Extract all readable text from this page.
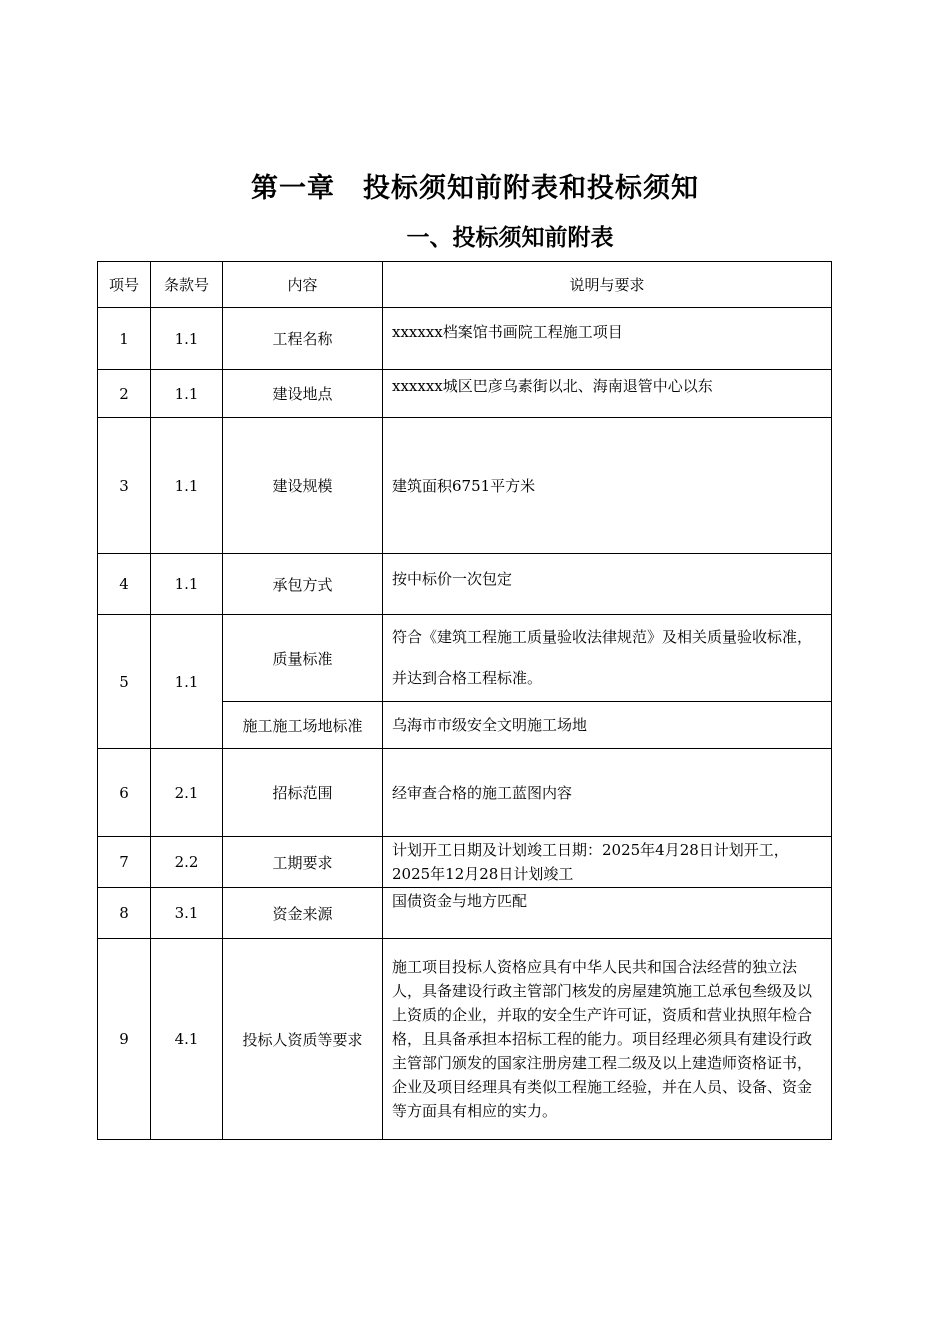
第一章　投标须知前附表和投标须知
一、投标须知前附表
项号	条款号	内容	说明与要求
1	1.1	工程名称	xxxxxx档案馆书画院工程施工项目
2	1.1	建设地点	xxxxxx城区巴彦乌素街以北、海南退管中心以东
3	1.1	建设规模	建筑面积6751平方米
4	1.1	承包方式	按中标价一次包定
5	1.1	质量标准	符合《建筑工程施工质量验收法律规范》及相关质量验收标准，并达到合格工程标准。
		施工施工场地标准	乌海市市级安全文明施工场地
6	2.1	招标范围	经审查合格的施工蓝图内容
7	2.2	工期要求	计划开工日期及计划竣工日期：2025年4月28日计划开工，2025年12月28日计划竣工
8	3.1	资金来源	国债资金与地方匹配
9	4.1	投标人资质等要求	施工项目投标人资格应具有中华人民共和国合法经营的独立法人，具备建设行政主管部门核发的房屋建筑施工总承包叁级及以上资质的企业，并取的安全生产许可证，资质和营业执照年检合格，且具备承担本招标工程的能力。项目经理必须具有建设行政主管部门颁发的国家注册房建工程二级及以上建造师资格证书，企业及项目经理具有类似工程施工经验，并在人员、设备、资金等方面具有相应的实力。
